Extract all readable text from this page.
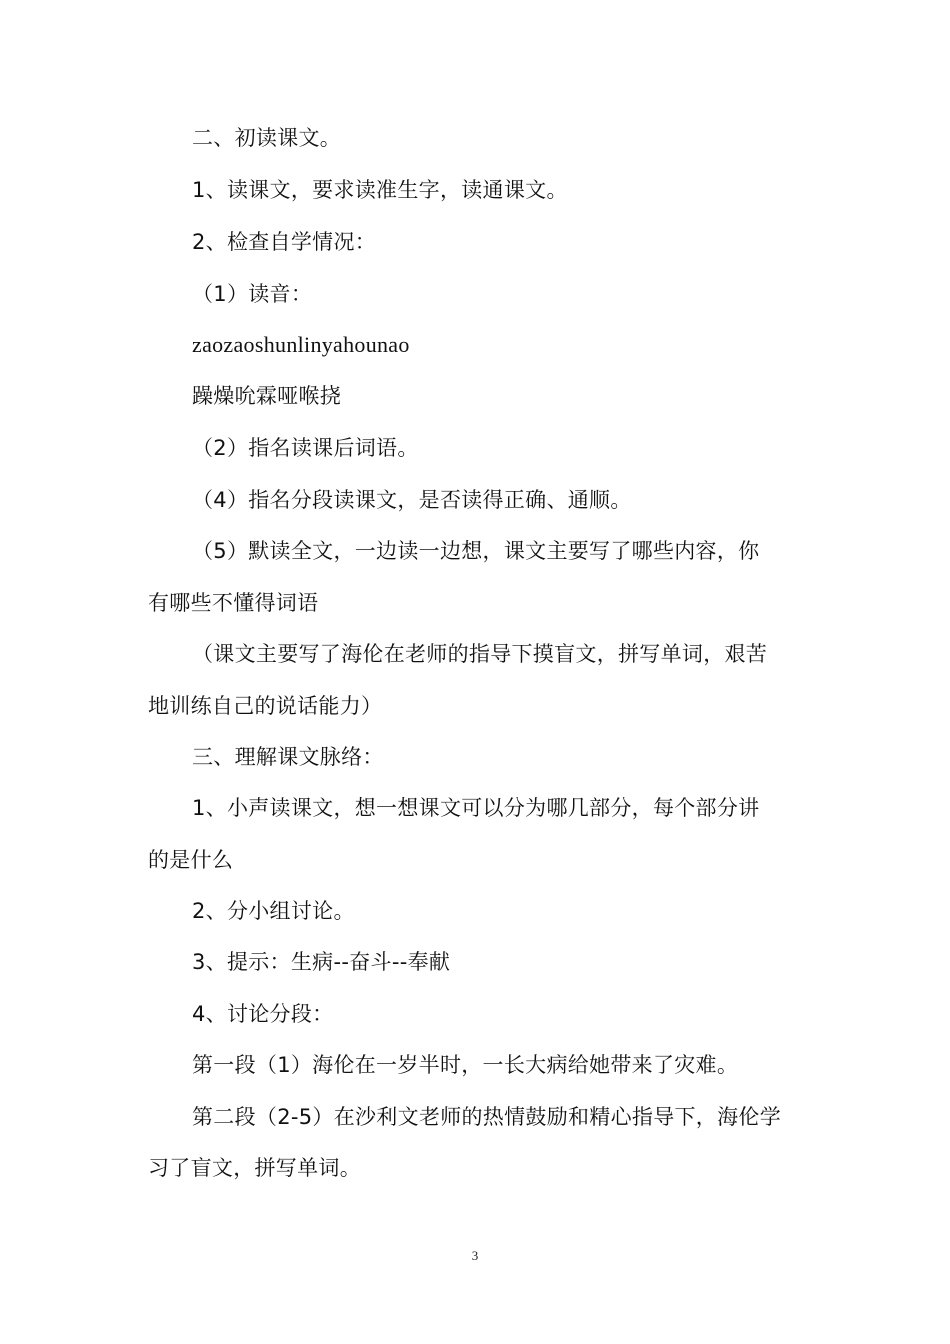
二、初读课文。
1、读课文，要求读准生字，读通课文。
2、检查自学情况：
（1）读音：
zaozaoshunlinyahounao
躁燥吮霖哑喉挠
（2）指名读课后词语。
（4）指名分段读课文，是否读得正确、通顺。
（5）默读全文，一边读一边想，课文主要写了哪些内容，你
有哪些不懂得词语
（课文主要写了海伦在老师的指导下摸盲文，拼写单词，艰苦
地训练自己的说话能力）
三、理解课文脉络：
1、小声读课文，想一想课文可以分为哪几部分，每个部分讲
的是什么
2、分小组讨论。
3、提示：生病--奋斗--奉献
4、讨论分段：
第一段（1）海伦在一岁半时，一长大病给她带来了灾难。
第二段（2-5）在沙利文老师的热情鼓励和精心指导下，海伦学
习了盲文，拼写单词。
3
